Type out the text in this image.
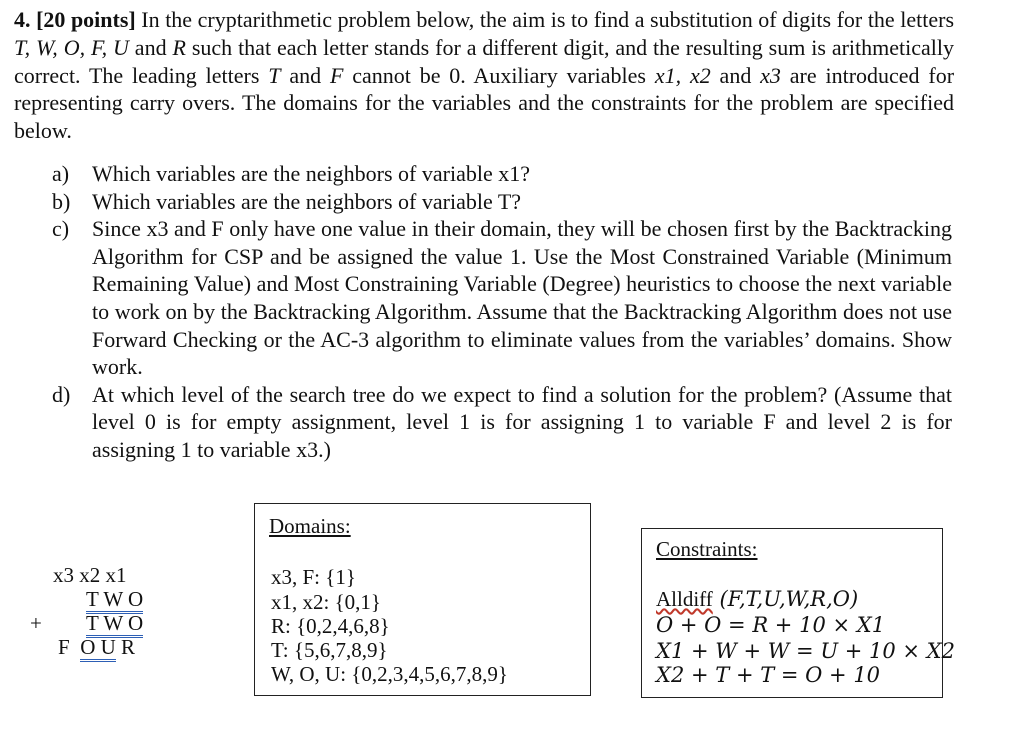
4. [20 points] In the cryptarithmetic problem below, the aim is to find a substitution of digits for the letters T, W, O, F, U and R such that each letter stands for a different digit, and the resulting sum is arithmetically correct. The leading letters T and F cannot be 0. Auxiliary variables x1, x2 and x3 are introduced for representing carry overs. The domains for the variables and the constraints for the problem are specified below.
a) Which variables are the neighbors of variable x1?
b) Which variables are the neighbors of variable T?
c) Since x3 and F only have one value in their domain, they will be chosen first by the Backtracking Algorithm for CSP and be assigned the value 1. Use the Most Constrained Variable (Minimum Remaining Value) and Most Constraining Variable (Degree) heuristics to choose the next variable to work on by the Backtracking Algorithm. Assume that the Backtracking Algorithm does not use Forward Checking or the AC-3 algorithm to eliminate values from the variables’ domains. Show work.
d) At which level of the search tree do we expect to find a solution for the problem? (Assume that level 0 is for empty assignment, level 1 is for assigning 1 to variable F and level 2 is for assigning 1 to variable x3.)
x3 x2 x1
T W O
+ T W O
F O U R
Domains:
x3, F: {1}
x1, x2: {0,1}
R: {0,2,4,6,8}
T: {5,6,7,8,9}
W, O, U: {0,2,3,4,5,6,7,8,9}
Constraints:
Alldiff (F,T,U,W,R,O)
O + O = R + 10 × X1
X1 + W + W = U + 10 × X2
X2 + T + T = O + 10
